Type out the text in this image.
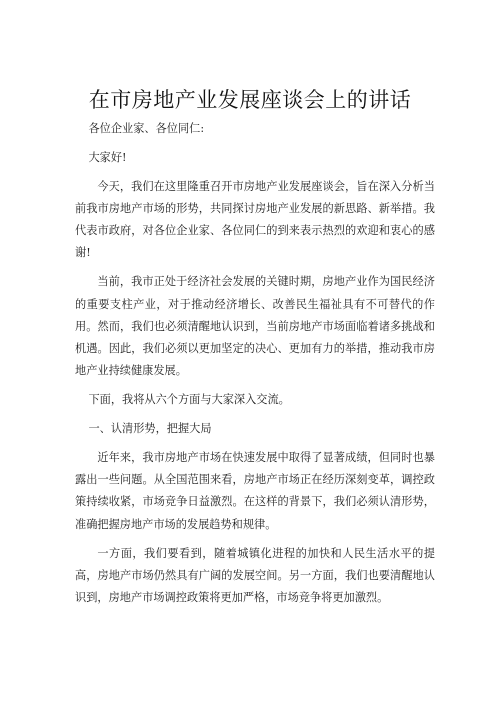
在市房地产业发展座谈会上的讲话

各位企业家、各位同仁:

大家好!

今天，我们在这里隆重召开市房地产业发展座谈会，旨在深入分析当前我市房地产市场的形势，共同探讨房地产业发展的新思路、新举措。我代表市政府，对各位企业家、各位同仁的到来表示热烈的欢迎和衷心的感谢!

当前，我市正处于经济社会发展的关键时期，房地产业作为国民经济的重要支柱产业，对于推动经济增长、改善民生福祉具有不可替代的作用。然而，我们也必须清醒地认识到，当前房地产市场面临着诸多挑战和机遇。因此，我们必须以更加坚定的决心、更加有力的举措，推动我市房地产业持续健康发展。

下面，我将从六个方面与大家深入交流。

一、认清形势，把握大局

近年来，我市房地产市场在快速发展中取得了显著成绩，但同时也暴露出一些问题。从全国范围来看，房地产市场正在经历深刻变革，调控政策持续收紧，市场竞争日益激烈。在这样的背景下，我们必须认清形势，准确把握房地产市场的发展趋势和规律。

一方面，我们要看到，随着城镇化进程的加快和人民生活水平的提高，房地产市场仍然具有广阔的发展空间。另一方面，我们也要清醒地认识到，房地产市场调控政策将更加严格，市场竞争将更加激烈。
